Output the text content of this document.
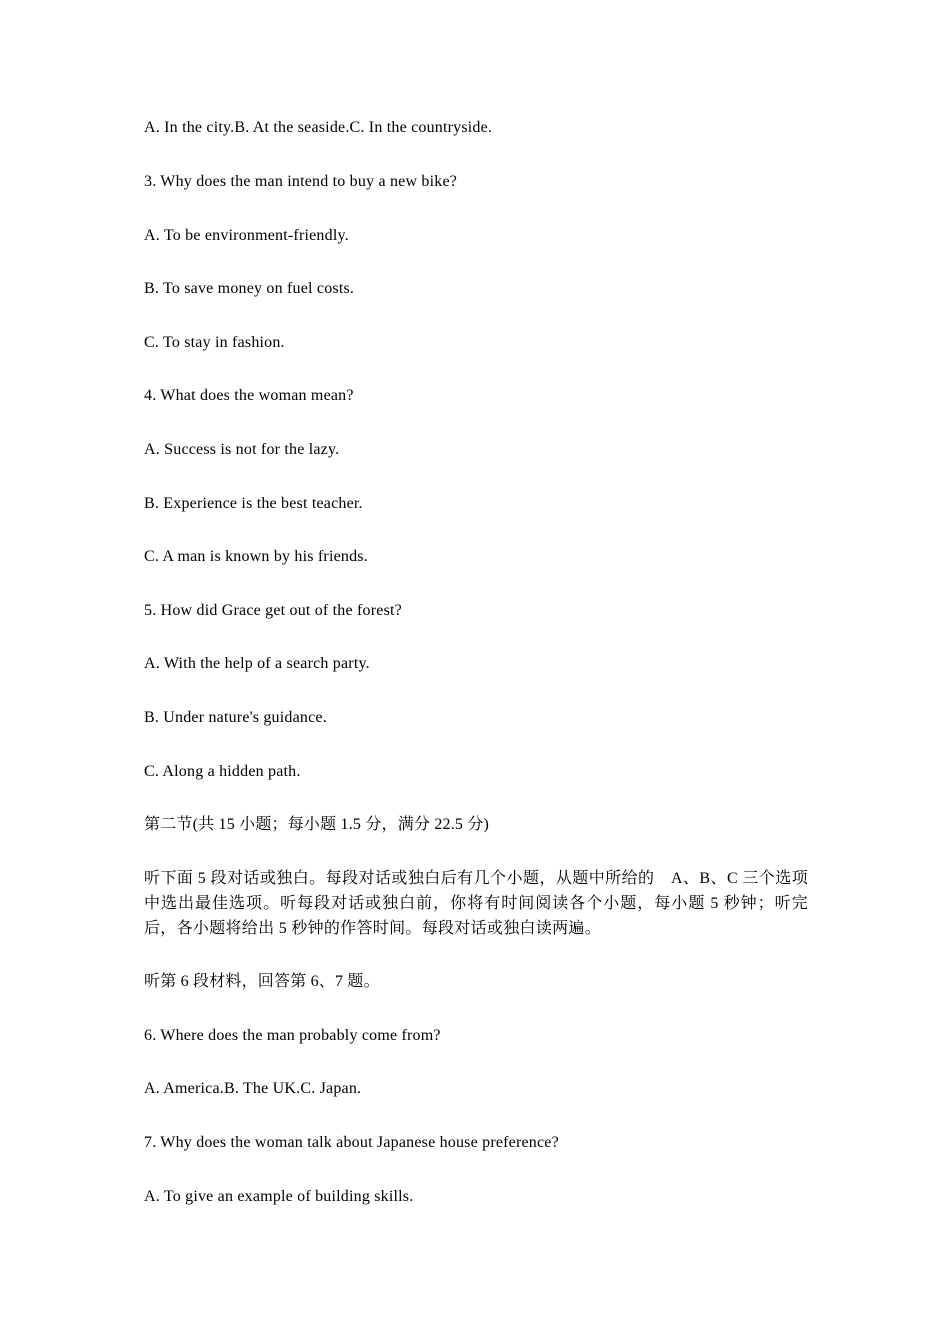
A. In the city.B. At the seaside.C. In the countryside.
3. Why does the man intend to buy a new bike?
A. To be environment-friendly.
B. To save money on fuel costs.
C. To stay in fashion.
4. What does the woman mean?
A. Success is not for the lazy.
B. Experience is the best teacher.
C. A man is known by his friends.
5. How did Grace get out of the forest?
A. With the help of a search party.
B. Under nature's guidance.
C. Along a hidden path.
第二节(共 15 小题；每小题 1.5 分，满分 22.5 分)
听下面 5 段对话或独白。每段对话或独白后有几个小题，从题中所给的　A、B、C 三个选项中选出最佳选项。听每段对话或独白前，你将有时间阅读各个小题，每小题 5 秒钟；听完后，各小题将给出 5 秒钟的作答时间。每段对话或独白读两遍。
听第 6 段材料，回答第 6、7 题。
6. Where does the man probably come from?
A. America.B. The UK.C. Japan.
7. Why does the woman talk about Japanese house preference?
A. To give an example of building skills.
